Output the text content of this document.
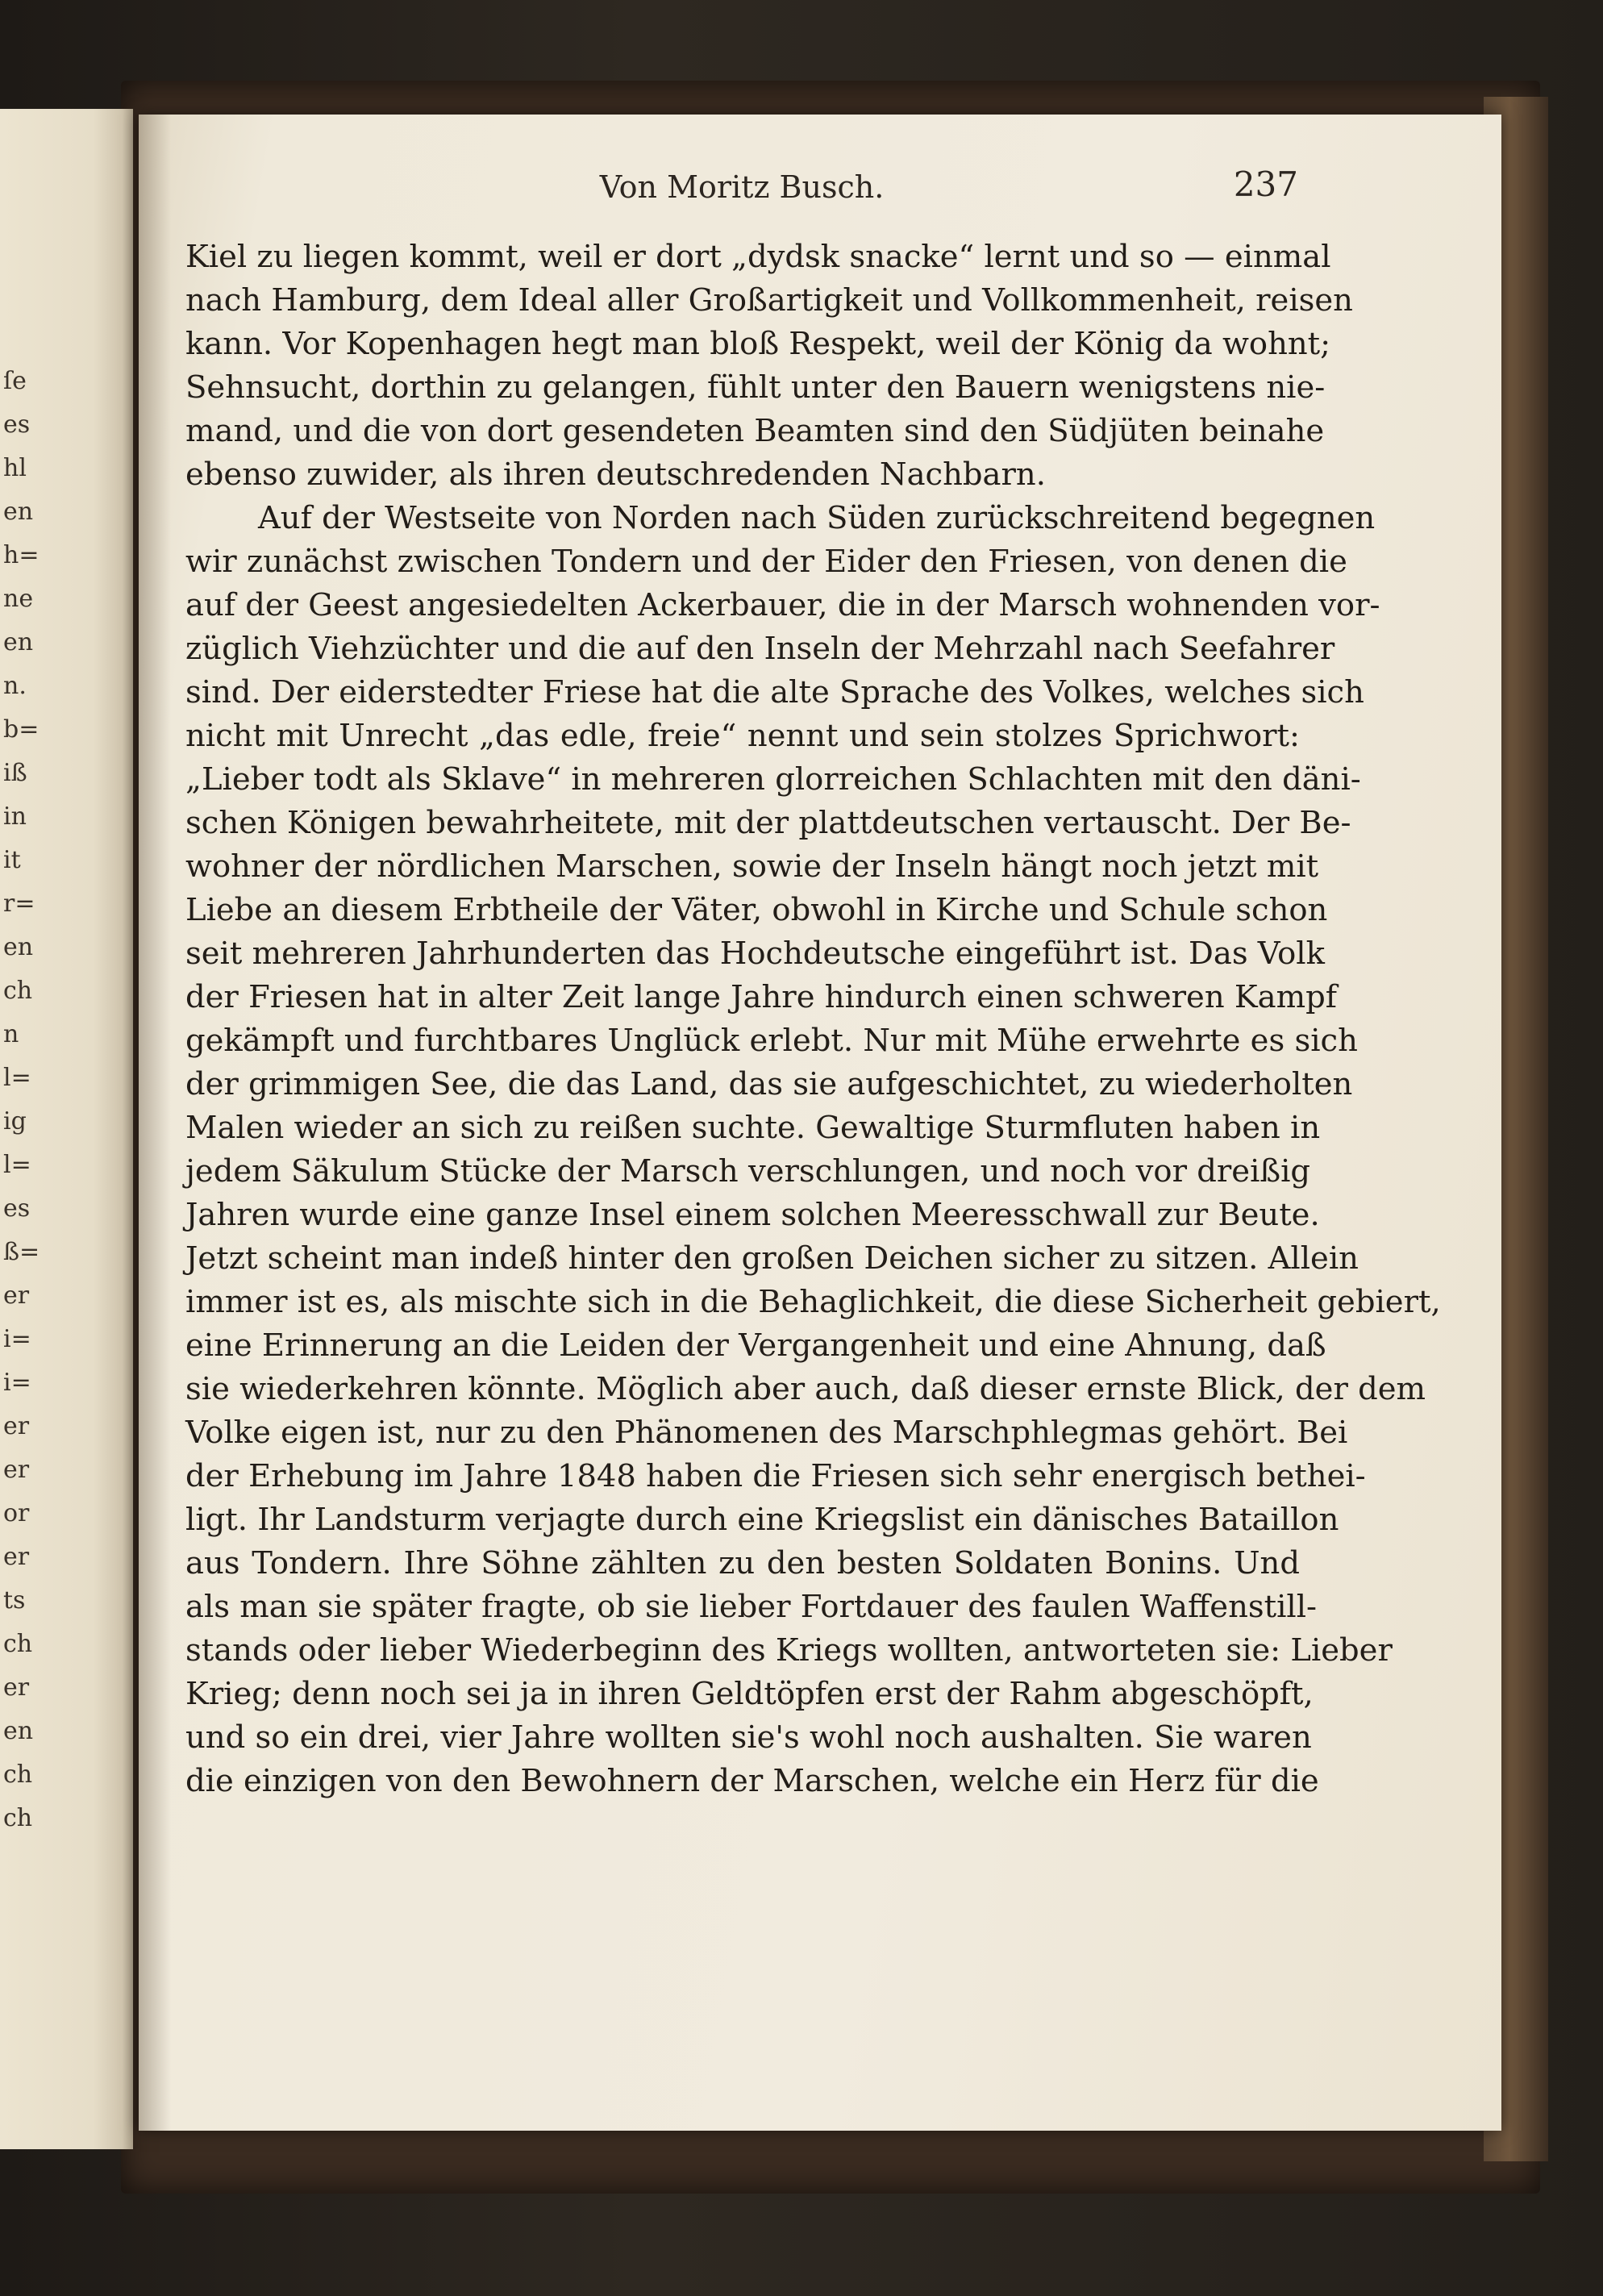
ſe
es
hl
en
h=
ne
en
n.
b=
iß
in
it
r=
en
ch
n
l=
ig
l=
es
ß=
er
i=
i=
er
er
or
er
ts
ch
er
en
ch
ch
Von Moritz Busch.	237
Kiel zu liegen kommt, weil er dort „dydsk snacke“ lernt und so — einmal
nach Hamburg, dem Ideal aller Großartigkeit und Vollkommenheit, reisen
kann. Vor Kopenhagen hegt man bloß Respekt, weil der König da wohnt;
Sehnsucht, dorthin zu gelangen, fühlt unter den Bauern wenigstens nie-
mand, und die von dort gesendeten Beamten sind den Südjüten beinahe
ebenso zuwider, als ihren deutschredenden Nachbarn.
Auf der Westseite von Norden nach Süden zurückschreitend begegnen
wir zunächst zwischen Tondern und der Eider den Friesen, von denen die
auf der Geest angesiedelten Ackerbauer, die in der Marsch wohnenden vor-
züglich Viehzüchter und die auf den Inseln der Mehrzahl nach Seefahrer
sind. Der eiderstedter Friese hat die alte Sprache des Volkes, welches sich
nicht mit Unrecht „das edle, freie“ nennt und sein stolzes Sprichwort:
„Lieber todt als Sklave“ in mehreren glorreichen Schlachten mit den däni-
schen Königen bewahrheitete, mit der plattdeutschen vertauscht. Der Be-
wohner der nördlichen Marschen, sowie der Inseln hängt noch jetzt mit
Liebe an diesem Erbtheile der Väter, obwohl in Kirche und Schule schon
seit mehreren Jahrhunderten das Hochdeutsche eingeführt ist. Das Volk
der Friesen hat in alter Zeit lange Jahre hindurch einen schweren Kampf
gekämpft und furchtbares Unglück erlebt. Nur mit Mühe erwehrte es sich
der grimmigen See, die das Land, das sie aufgeschichtet, zu wiederholten
Malen wieder an sich zu reißen suchte. Gewaltige Sturmfluten haben in
jedem Säkulum Stücke der Marsch verschlungen, und noch vor dreißig
Jahren wurde eine ganze Insel einem solchen Meeresschwall zur Beute.
Jetzt scheint man indeß hinter den großen Deichen sicher zu sitzen. Allein
immer ist es, als mischte sich in die Behaglichkeit, die diese Sicherheit gebiert,
eine Erinnerung an die Leiden der Vergangenheit und eine Ahnung, daß
sie wiederkehren könnte. Möglich aber auch, daß dieser ernste Blick, der dem
Volke eigen ist, nur zu den Phänomenen des Marschphlegmas gehört. Bei
der Erhebung im Jahre 1848 haben die Friesen sich sehr energisch bethei-
ligt. Ihr Landsturm verjagte durch eine Kriegslist ein dänisches Bataillon
aus Tondern. Ihre Söhne zählten zu den besten Soldaten Bonins. Und
als man sie später fragte, ob sie lieber Fortdauer des faulen Waffenstill-
stands oder lieber Wiederbeginn des Kriegs wollten, antworteten sie: Lieber
Krieg; denn noch sei ja in ihren Geldtöpfen erst der Rahm abgeschöpft,
und so ein drei, vier Jahre wollten sie's wohl noch aushalten. Sie waren
die einzigen von den Bewohnern der Marschen, welche ein Herz für die
